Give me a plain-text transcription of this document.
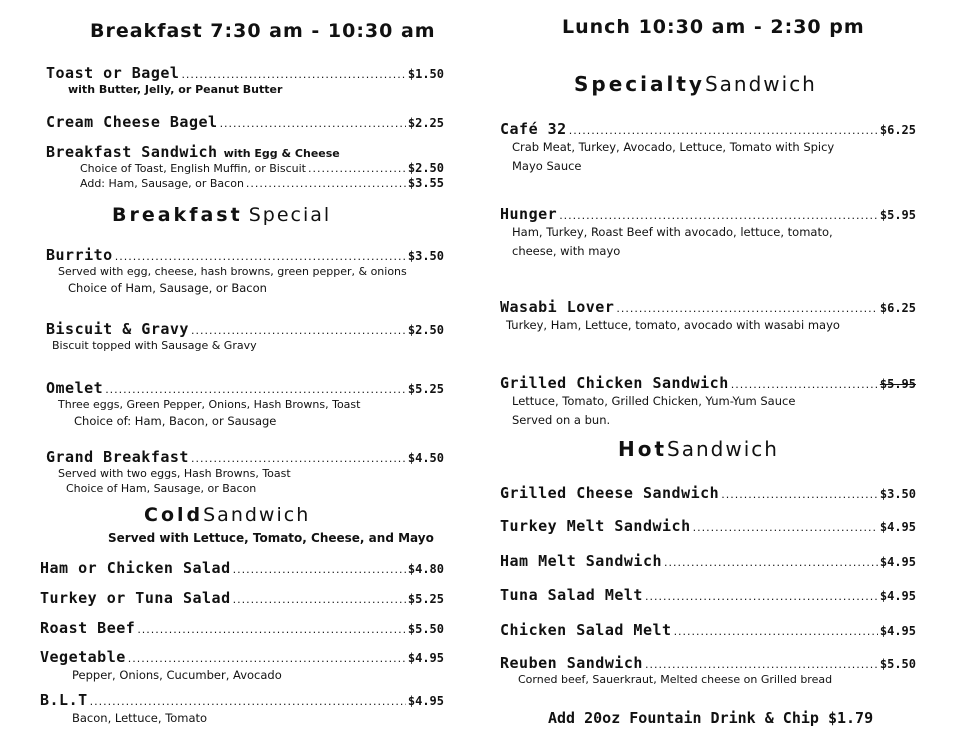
Breakfast 7:30 am - 10:30 am
Toast or Bagel .....	$1.50
with Butter, Jelly, or Peanut Butter
Cream Cheese Bagel .....	$2.25
Breakfast Sandwich with Egg & Cheese
Choice of Toast, English Muffin, or Biscuit .....	$2.50
Add: Ham, Sausage, or Bacon .....	$3.55
Breakfast Special
Burrito .....	$3.50
Served with egg, cheese, hash browns, green pepper, & onions
Choice of Ham, Sausage, or Bacon
Biscuit & Gravy .....	$2.50
Biscuit topped with Sausage & Gravy
Omelet .....	$5.25
Three eggs, Green Pepper, Onions, Hash Browns, Toast
Choice of: Ham, Bacon, or Sausage
Grand Breakfast .....	$4.50
Served with two eggs, Hash Browns, Toast
Choice of Ham, Sausage, or Bacon
ColdSandwich
Served with Lettuce, Tomato, Cheese, and Mayo
Ham or Chicken Salad .....	$4.80
Turkey or Tuna Salad .....	$5.25
Roast Beef .....	$5.50
Vegetable .....	$4.95
Pepper, Onions, Cucumber, Avocado
B.L.T .....	$4.95
Bacon, Lettuce, Tomato
Lunch 10:30 am - 2:30 pm
SpecialtySandwich
Café 32 .....	$6.25
Crab Meat, Turkey, Avocado, Lettuce, Tomato with Spicy
Mayo Sauce
Hunger .....	$5.95
Ham, Turkey, Roast Beef with avocado, lettuce, tomato,
cheese, with mayo
Wasabi Lover .....	$6.25
Turkey, Ham, Lettuce, tomato, avocado with wasabi mayo
Grilled Chicken Sandwich .....	$5.95
Lettuce, Tomato, Grilled Chicken, Yum-Yum Sauce
Served on a bun.
HotSandwich
Grilled Cheese Sandwich .....	$3.50
Turkey Melt Sandwich .....	$4.95
Ham Melt Sandwich .....	$4.95
Tuna Salad Melt .....	$4.95
Chicken Salad Melt .....	$4.95
Reuben Sandwich .....	$5.50
Corned beef, Sauerkraut, Melted cheese on Grilled bread
Add 20oz Fountain Drink & Chip $1.79
